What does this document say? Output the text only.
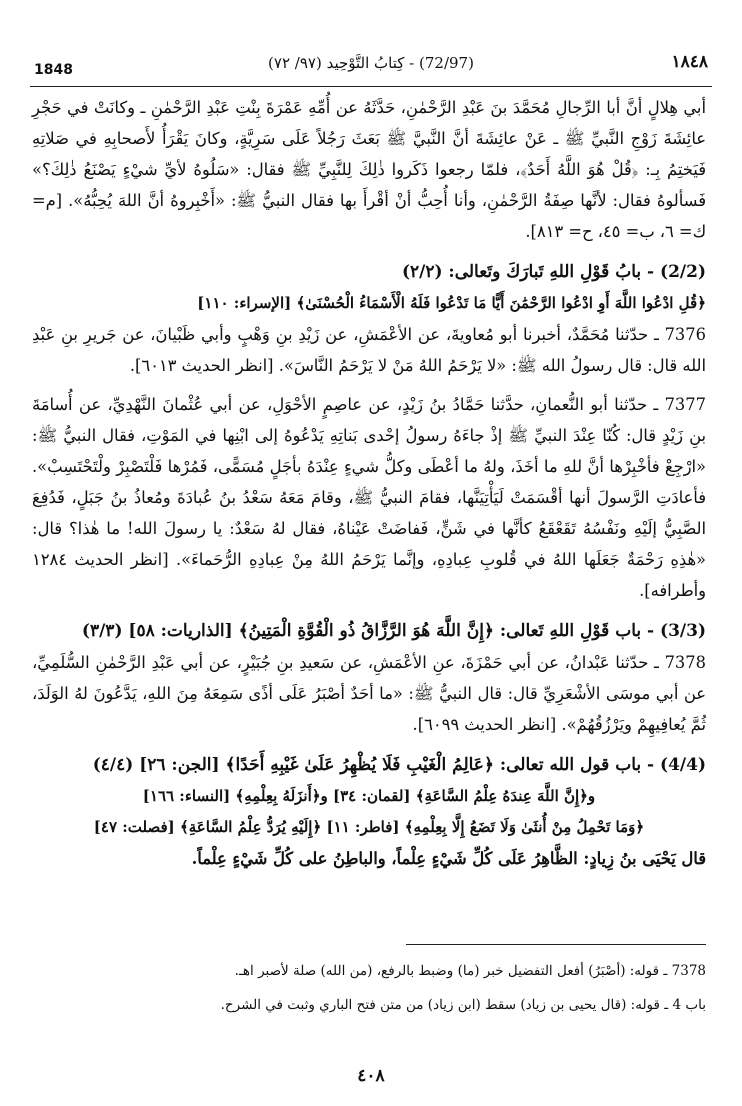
1848	(72/97) - كِتابُ التَّوْحِيد (٩٧/ ٧٢)	١٨٤٨

أبي هِلالٍ أنَّ أبا الرِّجالِ مُحَمَّدَ بنَ عَبْدِ الرَّحْمٰنِ، حَدَّثَهُ عن أُمِّهِ عَمْرَةَ بِنْتِ عَبْدِ الرَّحْمٰنِ ـ وكانَتْ في حَجْرِ عائِشَةَ زَوْجِ النَّبيِّ ﷺ ـ عَنْ عائِشَةَ أنَّ النَّبيَّ ﷺ بَعَثَ رَجُلاً عَلَى سَرِيَّةٍ، وكانَ يَقْرَأُ لأَصحابِهِ في صَلاتِهِ فَيَختِمُ بِـ: ﴿قُلْ هُوَ اللَّهُ أَحَدٌ﴾، فلمّا رجعوا ذَكَروا ذٰلِكَ لِلنَّبِيِّ ﷺ فقال: «سَلُوهُ لأيِّ شيْءٍ يَصْنَعُ ذٰلِكَ؟» فَسألوهُ فقال: لأنَّها صِفَةُ الرَّحْمٰنِ، وأنا أُحِبُّ أنْ أقْرأَ بها فقال النبيُّ ﷺ: «أَخْبِروهُ أنَّ اللهَ يُحِبُّهُ». [م= ك= ٦، ب= ٤٥، ح= ٨١٣].

(2/2) - بابُ قَوْلِ اللهِ تَبارَكَ وتَعالى: (٢/٢)

﴿قُلِ ادْعُوا اللَّهَ أَوِ ادْعُوا الرَّحْمَٰنَ أَيًّا مَا تَدْعُوا فَلَهُ الْأَسْمَاءُ الْحُسْنَىٰ﴾ [الإسراء: ١١٠]

7376 ـ حدّثنا مُحَمَّدٌ، أخبرنا أبو مُعاويةَ، عن الأعْمَشِ، عن زَيْدِ بنِ وَهْبٍ وأبي ظَبْيانَ، عن جَريرِ بنِ عَبْدِ الله قال: قال رسولُ الله ﷺ: «لا يَرْحَمُ اللهُ مَنْ لا يَرْحَمُ النَّاسَ». [انظر الحديث ٦٠١٣].

7377 ـ حدّثنا أبو النُّعمانِ، حدَّثنا حَمَّادُ بنُ زَيْدٍ، عن عاصِمٍ الأحْوَلِ، عن أبي عُثْمانَ النَّهْدِيِّ، عن أُسامَةَ بنِ زَيْدٍ قال: كُنّا عِنْدَ النبيِّ ﷺ إذْ جاءَهُ رسولُ إحْدى بَناتِهِ يَدْعُوهُ إلى ابْنِها في المَوْتِ، فقال النبيُّ ﷺ: «ارْجِعْ فأخْبِرْها أنَّ للهِ ما أخَذَ، ولهُ ما أعْطَى وكلُّ شيءٍ عِنْدَهُ بأجَلٍ مُسَمًّى، فَمُرْها فَلْتَصْبِرْ ولْتَحْتَسِبْ». فأعادَتِ الرَّسولَ أنها أقْسَمَتْ لَيَأْتِيَنَّها، فقامَ النبيُّ ﷺ، وقامَ مَعَهُ سَعْدُ بنُ عُبادَةَ ومُعاذُ بنُ جَبَلٍ، فَدُفِعَ الصَّبِيُّ إلَيْهِ ونَفْسُهُ تَقَعْقَعُ كأنَّها في شَنٍّ، فَفاضَتْ عَيْناهُ، فقال لهُ سَعْدٌ: يا رسولَ الله! ما هٰذا؟ قال: «هٰذِهِ رَحْمَةٌ جَعَلَها اللهُ في قُلوبِ عِبادِهِ، وإنَّما يَرْحَمُ اللهُ مِنْ عِبادِهِ الرُّحَماءَ». [انظر الحديث ١٢٨٤ وأطرافه].

(3/3) - باب قَوْلِ اللهِ تَعالى: ﴿إِنَّ اللَّهَ هُوَ الرَّزَّاقُ ذُو الْقُوَّةِ الْمَتِينُ﴾ [الذاريات: ٥٨] (٣/٣)

7378 ـ حدّثنا عَبْدانُ، عن أبي حَمْزَةَ، عنِ الأعْمَشِ، عن سَعيدِ بنِ جُبَيْرٍ، عن أبي عَبْدِ الرَّحْمٰنِ السُّلَمِيِّ، عن أبي موسَى الأشْعَرِيِّ قال: قال النبيُّ ﷺ: «ما أحَدٌ أصْبَرُ عَلَى أذًى سَمِعَهُ مِنَ اللهِ، يَدَّعُونَ لهُ الوَلَدَ، ثُمَّ يُعافِيهِمْ ويَرْزُقُهُمْ». [انظر الحديث ٦٠٩٩].

(4/4) - باب قول الله تعالى: ﴿عَالِمُ الْغَيْبِ فَلَا يُظْهِرُ عَلَىٰ غَيْبِهِ أَحَدًا﴾ [الجن: ٢٦] (٤/٤)

و﴿إِنَّ اللَّهَ عِندَهُ عِلْمُ السَّاعَةِ﴾ [لقمان: ٣٤] و﴿أَنزَلَهُ بِعِلْمِهِ﴾ [النساء: ١٦٦]

﴿وَمَا تَحْمِلُ مِنْ أُنثَىٰ وَلَا تَضَعُ إِلَّا بِعِلْمِهِ﴾ [فاطر: ١١] ﴿إِلَيْهِ يُرَدُّ عِلْمُ السَّاعَةِ﴾ [فصلت: ٤٧]

قال يَحْيَى بنُ زِيادٍ: الظَّاهِرُ عَلَى كُلِّ شَيْءٍ عِلْماً، والباطِنُ على كُلِّ شَيْءٍ عِلْماً.

7378 ـ قوله: (أصْبَرُ) أفعل التفضيل خبر (ما) وضبط بالرفع، (من الله) صلة لأصبر اهـ.

باب 4 ـ قوله: (قال يحيى بن زياد) سقط (ابن زياد) من متن فتح الباري وثبت في الشرح.

٤٠٨
